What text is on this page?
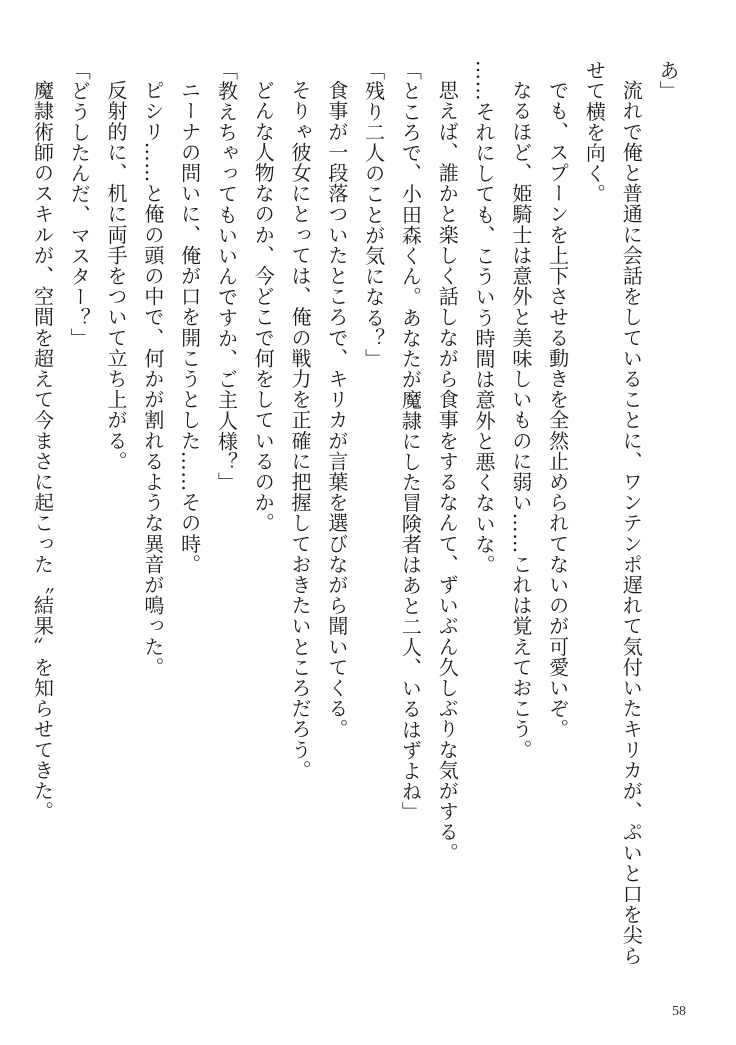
あ」

流れで俺と普通に会話をしていることに、ワンテンポ遅れて気付いたキリカが、ぷいと口を尖ら

せて横を向く。

でも、スプーンを上下させる動きを全然止められてないのが可愛いぞ。

なるほど、姫騎士は意外と美味しいものに弱い……これは覚えておこう。

……それにしても、こういう時間は意外と悪くないな。

思えば、誰かと楽しく話しながら食事をするなんて、ずいぶん久しぶりな気がする。

「ところで、小田森くん。あなたが魔隷にした冒険者はあと二人、いるはずよね」

「残り二人のことが気になる？」

食事が一段落ついたところで、キリカが言葉を選びながら聞いてくる。

そりゃ彼女にとっては、俺の戦力を正確に把握しておきたいところだろう。

どんな人物なのか、今どこで何をしているのか。

「教えちゃってもいいんですか、ご主人様？」

ニーナの問いに、俺が口を開こうとした……その時。

ピシリ……と俺の頭の中で、何かが割れるような異音が鳴った。

反射的に、机に両手をついて立ち上がる。

「どうしたんだ、マスター？」

魔隷術師のスキルが、空間を超えて今まさに起こった〝結果〟を知らせてきた。

58
